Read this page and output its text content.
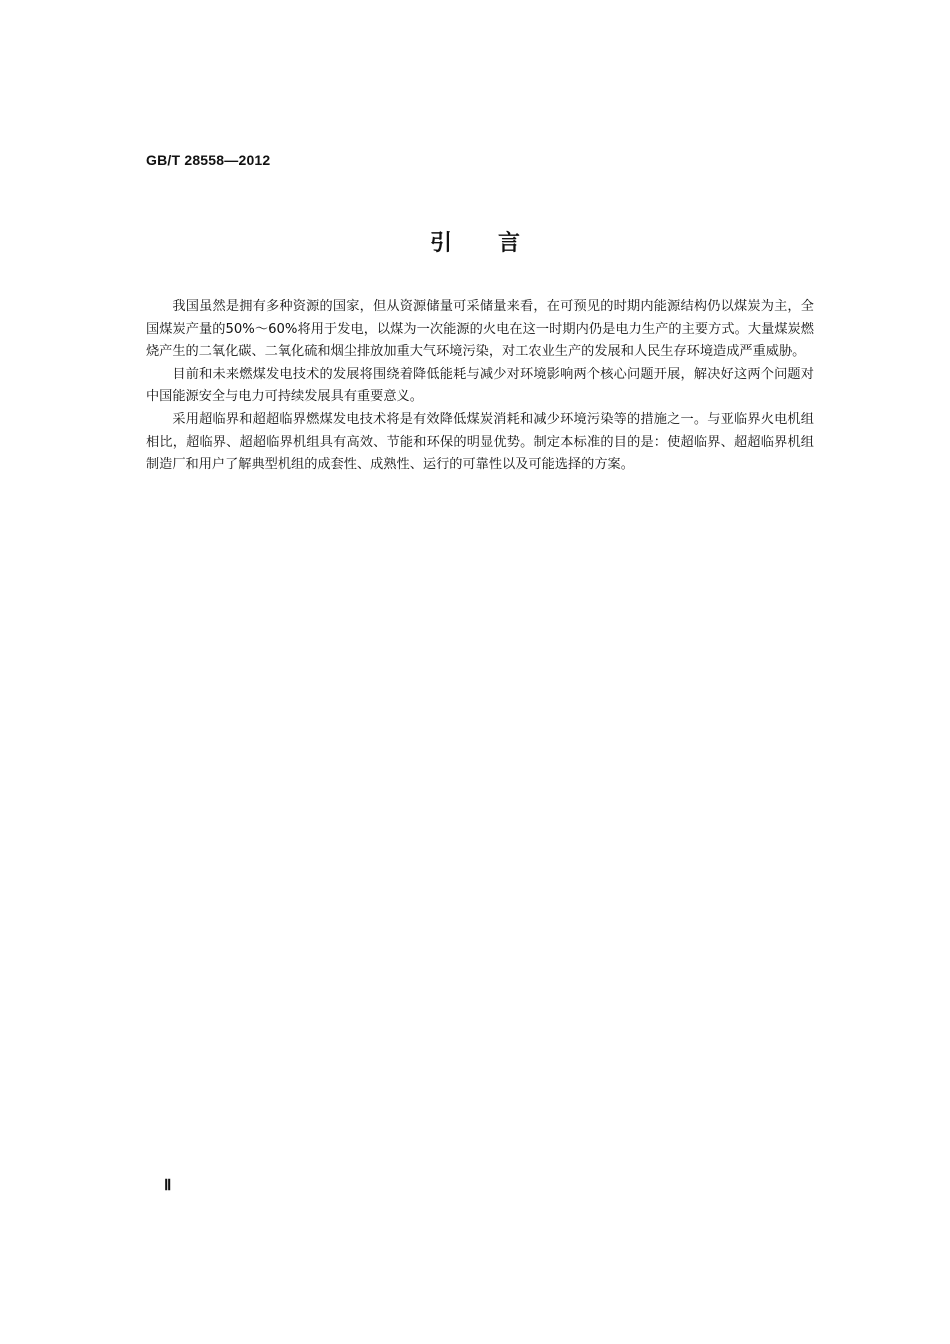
GB/T 28558—2012
引言

我国虽然是拥有多种资源的国家，但从资源储量可采储量来看，在可预见的时期内能源结构仍以煤炭为主，全国煤炭产量的50%～60%将用于发电，以煤为一次能源的火电在这一时期内仍是电力生产的主要方式。大量煤炭燃烧产生的二氧化碳、二氧化硫和烟尘排放加重大气环境污染，对工农业生产的发展和人民生存环境造成严重威胁。

目前和未来燃煤发电技术的发展将围绕着降低能耗与减少对环境影响两个核心问题开展，解决好这两个问题对中国能源安全与电力可持续发展具有重要意义。

采用超临界和超超临界燃煤发电技术将是有效降低煤炭消耗和减少环境污染等的措施之一。与亚临界火电机组相比，超临界、超超临界机组具有高效、节能和环保的明显优势。制定本标准的目的是：使超临界、超超临界机组制造厂和用户了解典型机组的成套性、成熟性、运行的可靠性以及可能选择的方案。

Ⅱ
